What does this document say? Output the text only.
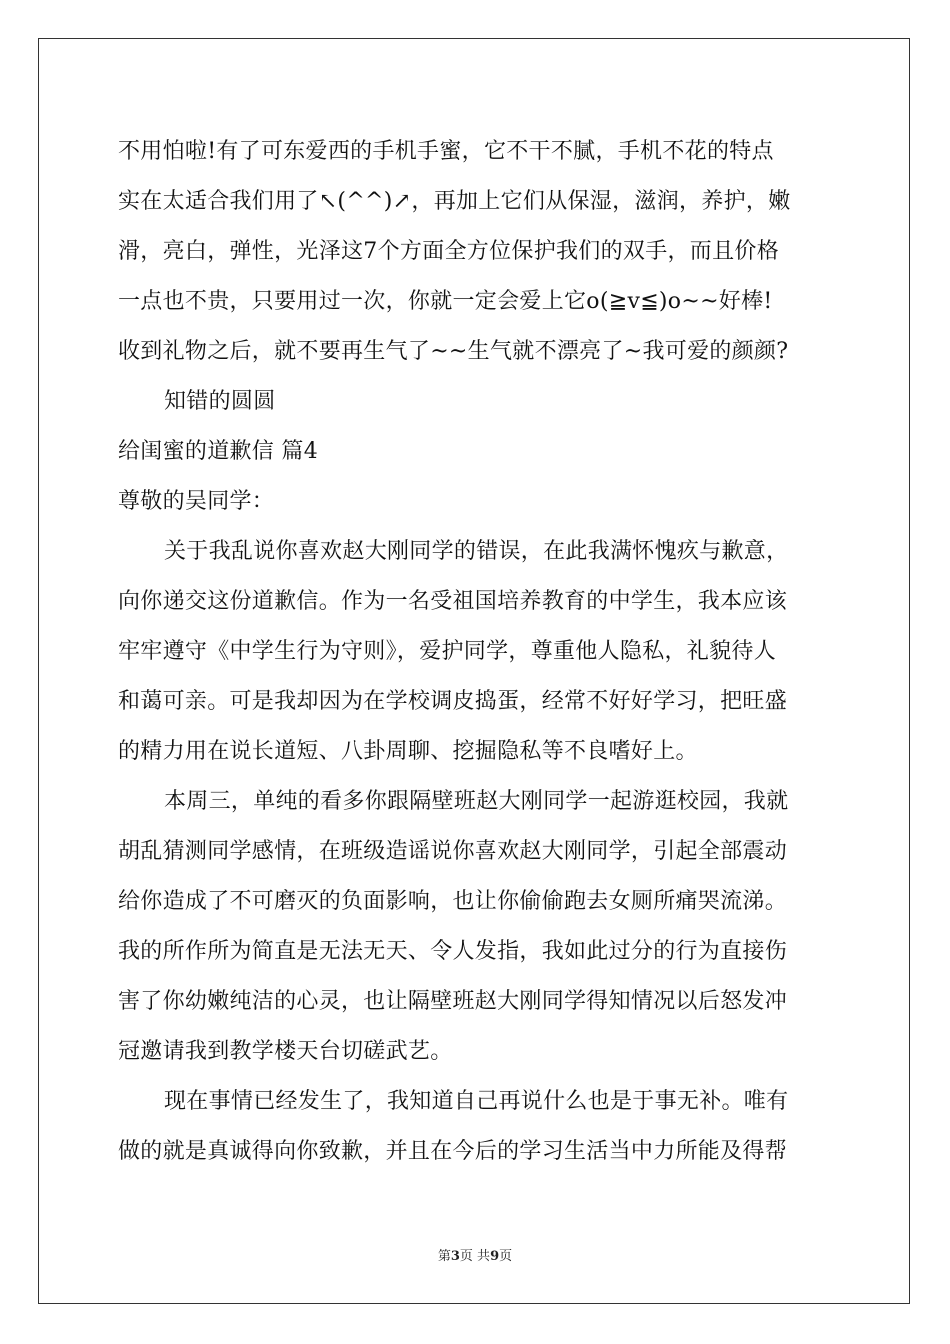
不用怕啦!有了可东爱西的手机手蜜，它不干不腻，手机不花的特点
实在太适合我们用了↖(^^)↗，再加上它们从保湿，滋润，养护，嫩
滑，亮白，弹性，光泽这7个方面全方位保护我们的双手，而且价格
一点也不贵，只要用过一次，你就一定会爱上它o(≧v≦)o~~好棒!
收到礼物之后，就不要再生气了~~生气就不漂亮了~我可爱的颜颜?
知错的圆圆
给闺蜜的道歉信 篇4
尊敬的吴同学：
关于我乱说你喜欢赵大刚同学的错误，在此我满怀愧疚与歉意，
向你递交这份道歉信。作为一名受祖国培养教育的中学生，我本应该
牢牢遵守《中学生行为守则》，爱护同学，尊重他人隐私，礼貌待人
和蔼可亲。可是我却因为在学校调皮捣蛋，经常不好好学习，把旺盛
的精力用在说长道短、八卦周聊、挖掘隐私等不良嗜好上。
本周三，单纯的看多你跟隔壁班赵大刚同学一起游逛校园，我就
胡乱猜测同学感情，在班级造谣说你喜欢赵大刚同学，引起全部震动
给你造成了不可磨灭的负面影响，也让你偷偷跑去女厕所痛哭流涕。
我的所作所为简直是无法无天、令人发指，我如此过分的行为直接伤
害了你幼嫩纯洁的心灵，也让隔壁班赵大刚同学得知情况以后怒发冲
冠邀请我到教学楼天台切磋武艺。
现在事情已经发生了，我知道自己再说什么也是于事无补。唯有
做的就是真诚得向你致歉，并且在今后的学习生活当中力所能及得帮
第3页 共9页
